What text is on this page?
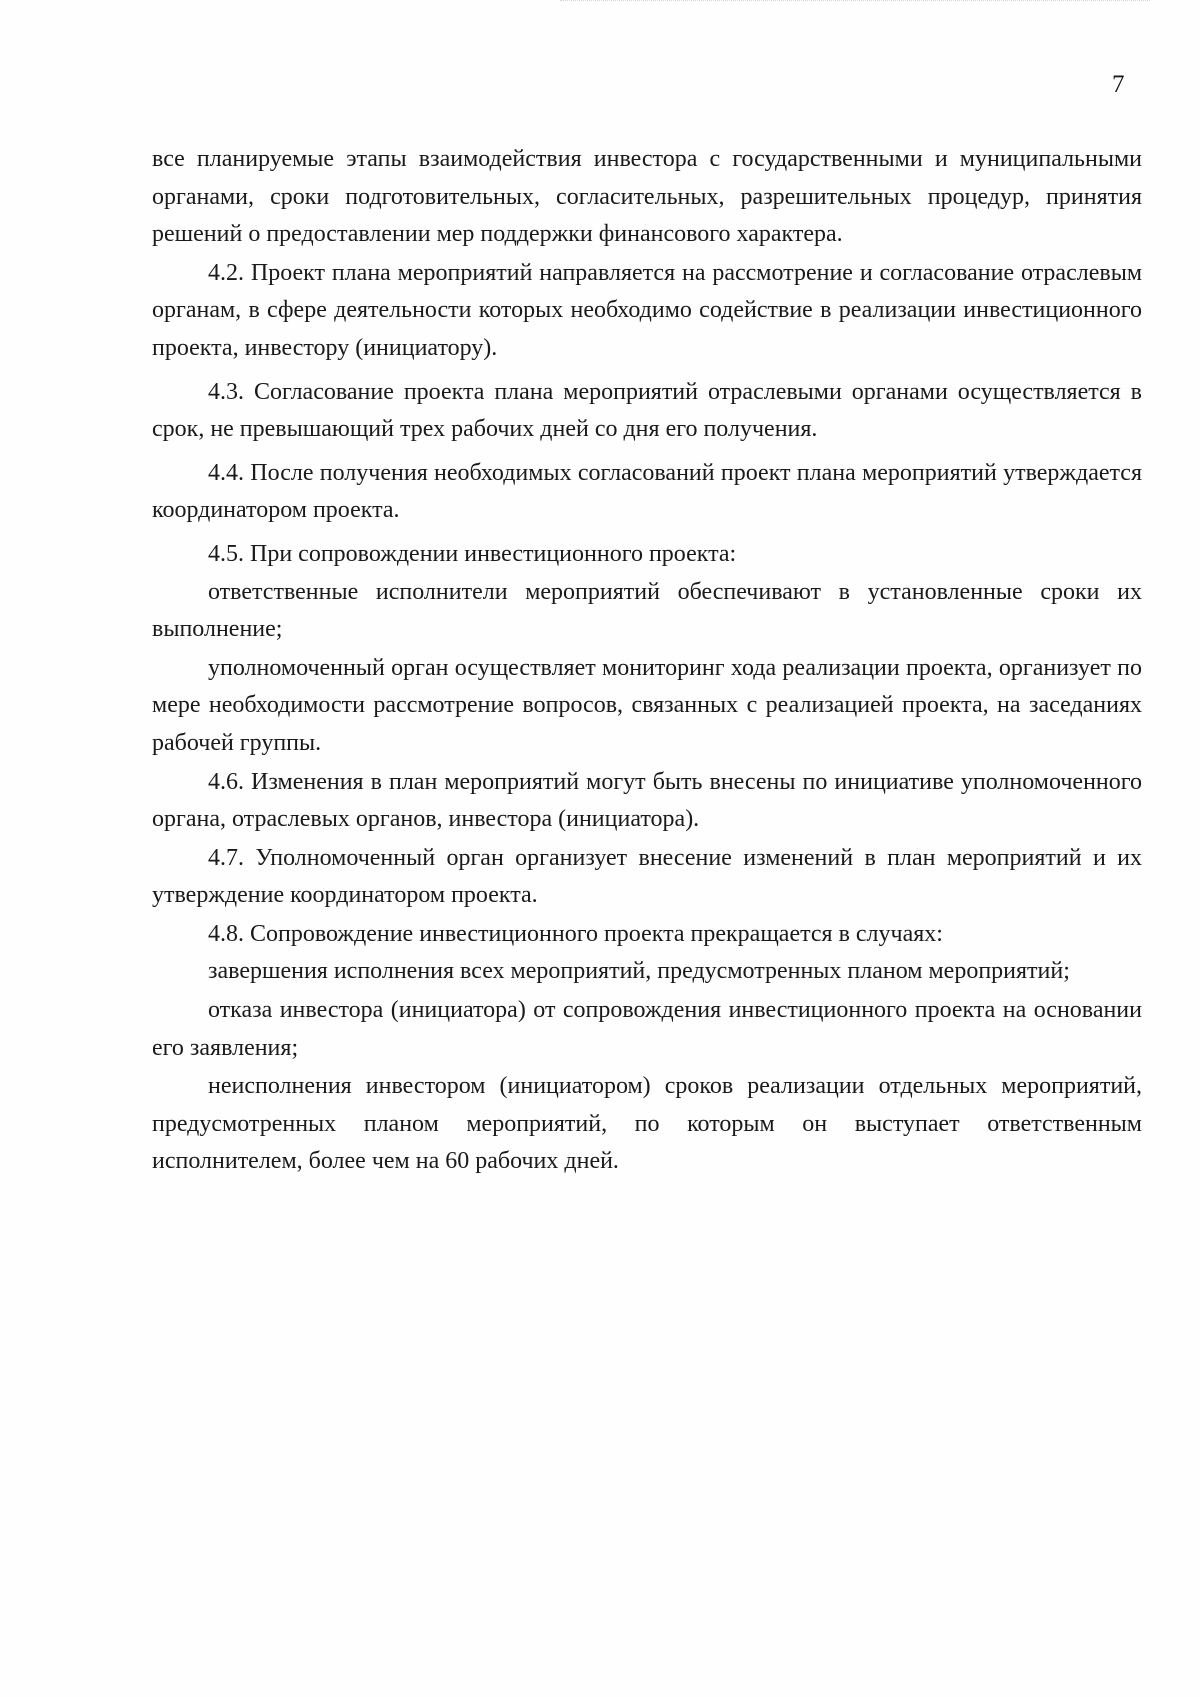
7

все планируемые этапы взаимодействия инвестора с государственными и муниципальными органами, сроки подготовительных, согласительных, разрешительных процедур, принятия решений о предоставлении мер поддержки финансового характера.

4.2. Проект плана мероприятий направляется на рассмотрение и согласование отраслевым органам, в сфере деятельности которых необходимо содействие в реализации инвестиционного проекта, инвестору (инициатору).

4.3. Согласование проекта плана мероприятий отраслевыми органами осуществляется в срок, не превышающий трех рабочих дней со дня его получения.

4.4. После получения необходимых согласований проект плана мероприятий утверждается координатором проекта.

4.5. При сопровождении инвестиционного проекта:

ответственные исполнители мероприятий обеспечивают в установленные сроки их выполнение;

уполномоченный орган осуществляет мониторинг хода реализации проекта, организует по мере необходимости рассмотрение вопросов, связанных с реализацией проекта, на заседаниях рабочей группы.

4.6. Изменения в план мероприятий могут быть внесены по инициативе уполномоченного органа, отраслевых органов, инвестора (инициатора).

4.7. Уполномоченный орган организует внесение изменений в план мероприятий и их утверждение координатором проекта.

4.8. Сопровождение инвестиционного проекта прекращается в случаях:

завершения исполнения всех мероприятий, предусмотренных планом мероприятий;

отказа инвестора (инициатора) от сопровождения инвестиционного проекта на основании его заявления;

неисполнения инвестором (инициатором) сроков реализации отдельных мероприятий, предусмотренных планом мероприятий, по которым он выступает ответственным исполнителем, более чем на 60 рабочих дней.
